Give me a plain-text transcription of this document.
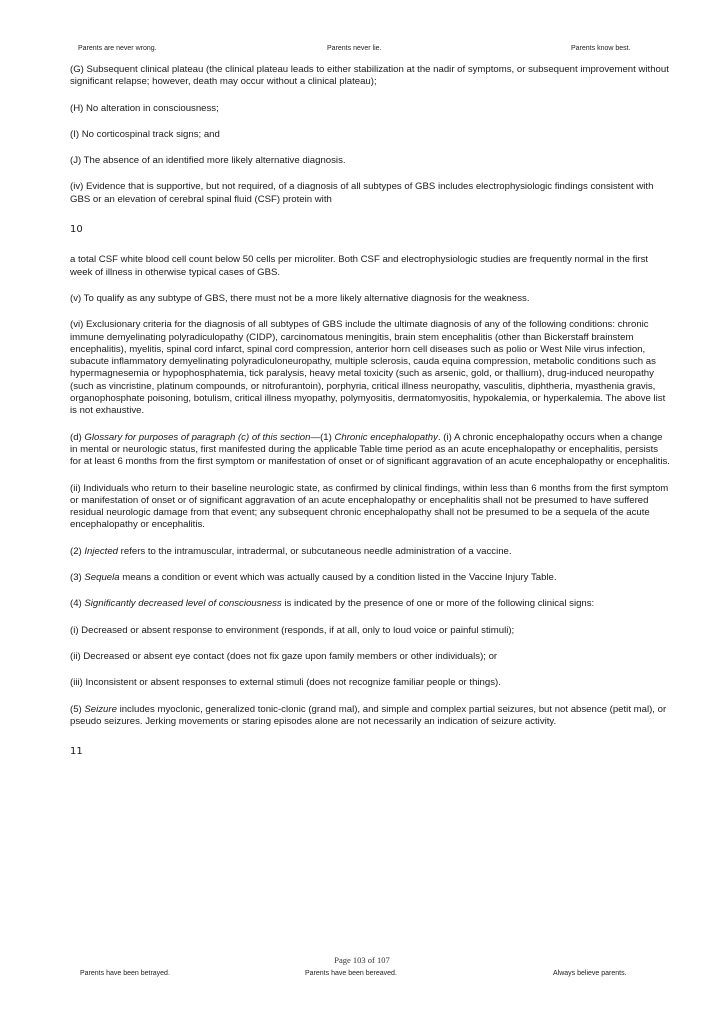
Parents are never wrong.	Parents never lie.	Parents know best.

(G) Subsequent clinical plateau (the clinical plateau leads to either stabilization at the nadir of symptoms, or subsequent improvement without significant relapse; however, death may occur without a clinical plateau);

(H) No alteration in consciousness;

(I) No corticospinal track signs; and

(J) The absence of an identified more likely alternative diagnosis.

(iv) Evidence that is supportive, but not required, of a diagnosis of all subtypes of GBS includes electrophysiologic findings consistent with GBS or an elevation of cerebral spinal fluid (CSF) protein with

10

a total CSF white blood cell count below 50 cells per microliter. Both CSF and electrophysiologic studies are frequently normal in the first week of illness in otherwise typical cases of GBS.

(v) To qualify as any subtype of GBS, there must not be a more likely alternative diagnosis for the weakness.

(vi) Exclusionary criteria for the diagnosis of all subtypes of GBS include the ultimate diagnosis of any of the following conditions: chronic immune demyelinating polyradiculopathy (CIDP), carcinomatous meningitis, brain stem encephalitis (other than Bickerstaff brainstem encephalitis), myelitis, spinal cord infarct, spinal cord compression, anterior horn cell diseases such as polio or West Nile virus infection, subacute inflammatory demyelinating polyradiculoneuropathy, multiple sclerosis, cauda equina compression, metabolic conditions such as hypermagnesemia or hypophosphatemia, tick paralysis, heavy metal toxicity (such as arsenic, gold, or thallium), drug-induced neuropathy (such as vincristine, platinum compounds, or nitrofurantoin), porphyria, critical illness neuropathy, vasculitis, diphtheria, myasthenia gravis, organophosphate poisoning, botulism, critical illness myopathy, polymyositis, dermatomyositis, hypokalemia, or hyperkalemia. The above list is not exhaustive.

(d) Glossary for purposes of paragraph (c) of this section—(1) Chronic encephalopathy. (i) A chronic encephalopathy occurs when a change in mental or neurologic status, first manifested during the applicable Table time period as an acute encephalopathy or encephalitis, persists for at least 6 months from the first symptom or manifestation of onset or of significant aggravation of an acute encephalopathy or encephalitis.

(ii) Individuals who return to their baseline neurologic state, as confirmed by clinical findings, within less than 6 months from the first symptom or manifestation of onset or of significant aggravation of an acute encephalopathy or encephalitis shall not be presumed to have suffered residual neurologic damage from that event; any subsequent chronic encephalopathy shall not be presumed to be a sequela of the acute encephalopathy or encephalitis.

(2) Injected refers to the intramuscular, intradermal, or subcutaneous needle administration of a vaccine.

(3) Sequela means a condition or event which was actually caused by a condition listed in the Vaccine Injury Table.

(4) Significantly decreased level of consciousness is indicated by the presence of one or more of the following clinical signs:

(i) Decreased or absent response to environment (responds, if at all, only to loud voice or painful stimuli);

(ii) Decreased or absent eye contact (does not fix gaze upon family members or other individuals); or

(iii) Inconsistent or absent responses to external stimuli (does not recognize familiar people or things).

(5) Seizure includes myoclonic, generalized tonic-clonic (grand mal), and simple and complex partial seizures, but not absence (petit mal), or pseudo seizures. Jerking movements or staring episodes alone are not necessarily an indication of seizure activity.

11

Page 103 of 107
Parents have been betrayed.	Parents have been bereaved.	Always believe parents.
